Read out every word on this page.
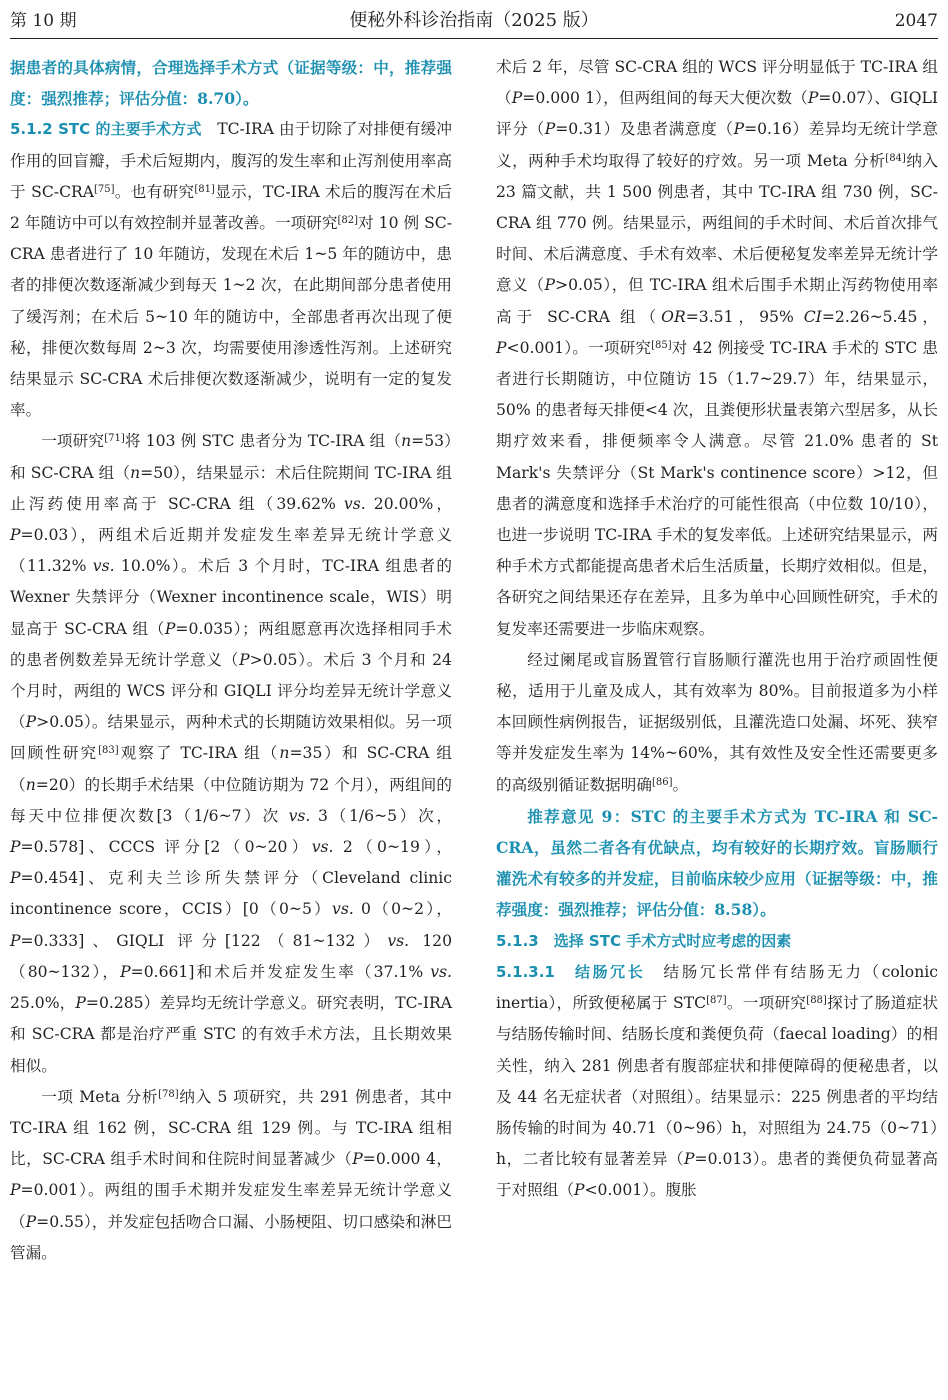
第 10 期	便秘外科诊治指南（2025 版）	2047

据患者的具体病情，合理选择手术方式（证据等级：中，推荐强度：强烈推荐；评估分值：8.70）。

5.1.2 STC 的主要手术方式　 TC-IRA 由于切除了对排便有缓冲作用的回盲瓣，手术后短期内，腹泻的发生率和止泻剂使用率高于 SC-CRA[75]。也有研究[81]显示，TC-IRA 术后的腹泻在术后 2 年随访中可以有效控制并显著改善。一项研究[82]对 10 例 SC-CRA 患者进行了 10 年随访，发现在术后 1~5 年的随访中，患者的排便次数逐渐减少到每天 1~2 次，在此期间部分患者使用了缓泻剂；在术后 5~10 年的随访中，全部患者再次出现了便秘，排便次数每周 2~3 次，均需要使用渗透性泻剂。上述研究结果显示 SC-CRA 术后排便次数逐渐减少，说明有一定的复发率。

一项研究[71]将 103 例 STC 患者分为 TC-IRA 组（n=53）和 SC-CRA 组（n=50），结果显示：术后住院期间 TC-IRA 组止泻药使用率高于 SC-CRA 组（39.62% vs. 20.00%，P=0.03），两组术后近期并发症发生率差异无统计学意义（11.32% vs. 10.0%）。术后 3 个月时，TC-IRA 组患者的 Wexner 失禁评分（Wexner incontinence scale，WIS）明显高于 SC-CRA 组（P=0.035）；两组愿意再次选择相同手术的患者例数差异无统计学意义（P>0.05）。术后 3 个月和 24 个月时，两组的 WCS 评分和 GIQLI 评分均差异无统计学意义（P>0.05）。结果显示，两种术式的长期随访效果相似。另一项回顾性研究[83]观察了 TC-IRA 组（n=35）和 SC-CRA 组（n=20）的长期手术结果（中位随访期为 72 个月），两组间的每天中位排便次数[3（1/6~7）次 vs. 3（1/6~5）次，P=0.578]、CCCS 评分[2（0~20）vs. 2（0~19），P=0.454]、克利夫兰诊所失禁评分（Cleveland clinic incontinence score，CCIS）[0（0~5）vs. 0（0~2），P=0.333]、GIQLI 评分[122（81~132）vs. 120（80~132），P=0.661]和术后并发症发生率（37.1% vs. 25.0%，P=0.285）差异均无统计学意义。研究表明，TC-IRA 和 SC-CRA 都是治疗严重 STC 的有效手术方法，且长期效果相似。

一项 Meta 分析[78]纳入 5 项研究，共 291 例患者，其中 TC-IRA 组 162 例，SC-CRA 组 129 例。与 TC-IRA 组相比，SC-CRA 组手术时间和住院时间显著减少（P=0.000 4，P=0.001）。两组的围手术期并发症发生率差异无统计学意义（P=0.55），并发症包括吻合口漏、小肠梗阻、切口感染和淋巴管漏。

术后 2 年，尽管 SC-CRA 组的 WCS 评分明显低于 TC-IRA 组（P=0.000 1），但两组间的每天大便次数（P=0.07）、GIQLI 评分（P=0.31）及患者满意度（P=0.16）差异均无统计学意义，两种手术均取得了较好的疗效。另一项 Meta 分析[84]纳入 23 篇文献，共 1 500 例患者，其中 TC-IRA 组 730 例，SC-CRA 组 770 例。结果显示，两组间的手术时间、术后首次排气时间、术后满意度、手术有效率、术后便秘复发率差异无统计学意义（P>0.05），但 TC-IRA 组术后围手术期止泻药物使用率高于 SC-CRA 组（OR=3.51，95% CI=2.26~5.45，P<0.001）。一项研究[85]对 42 例接受 TC-IRA 手术的 STC 患者进行长期随访，中位随访 15（1.7~29.7）年，结果显示，50% 的患者每天排便<4 次，且粪便形状量表第六型居多，从长期疗效来看，排便频率令人满意。尽管 21.0% 患者的 St Mark's 失禁评分（St Mark's continence score）>12，但患者的满意度和选择手术治疗的可能性很高（中位数 10/10），也进一步说明 TC-IRA 手术的复发率低。上述研究结果显示，两种手术方式都能提高患者术后生活质量，长期疗效相似。但是，各研究之间结果还存在差异，且多为单中心回顾性研究，手术的复发率还需要进一步临床观察。

经过阑尾或盲肠置管行盲肠顺行灌洗也用于治疗顽固性便秘，适用于儿童及成人，其有效率为 80%。目前报道多为小样本回顾性病例报告，证据级别低，且灌洗造口处漏、坏死、狭窄等并发症发生率为 14%~60%，其有效性及安全性还需要更多的高级别循证数据明确[86]。

推荐意见 9：STC 的主要手术方式为 TC-IRA 和 SC-CRA，虽然二者各有优缺点，均有较好的长期疗效。盲肠顺行灌洗术有较多的并发症，目前临床较少应用（证据等级：中，推荐强度：强烈推荐；评估分值：8.58）。

5.1.3　选择 STC 手术方式时应考虑的因素

5.1.3.1　 结肠冗长　 结肠冗长常伴有结肠无力（colonic inertia），所致便秘属于 STC[87]。一项研究[88]探讨了肠道症状与结肠传输时间、结肠长度和粪便负荷（faecal loading）的相关性，纳入 281 例患者有腹部症状和排便障碍的便秘患者，以及 44 名无症状者（对照组）。结果显示：225 例患者的平均结肠传输的时间为 40.71（0~96）h，对照组为 24.75（0~71）h，二者比较有显著差异（P=0.013）。患者的粪便负荷显著高于对照组（P<0.001）。腹胀
